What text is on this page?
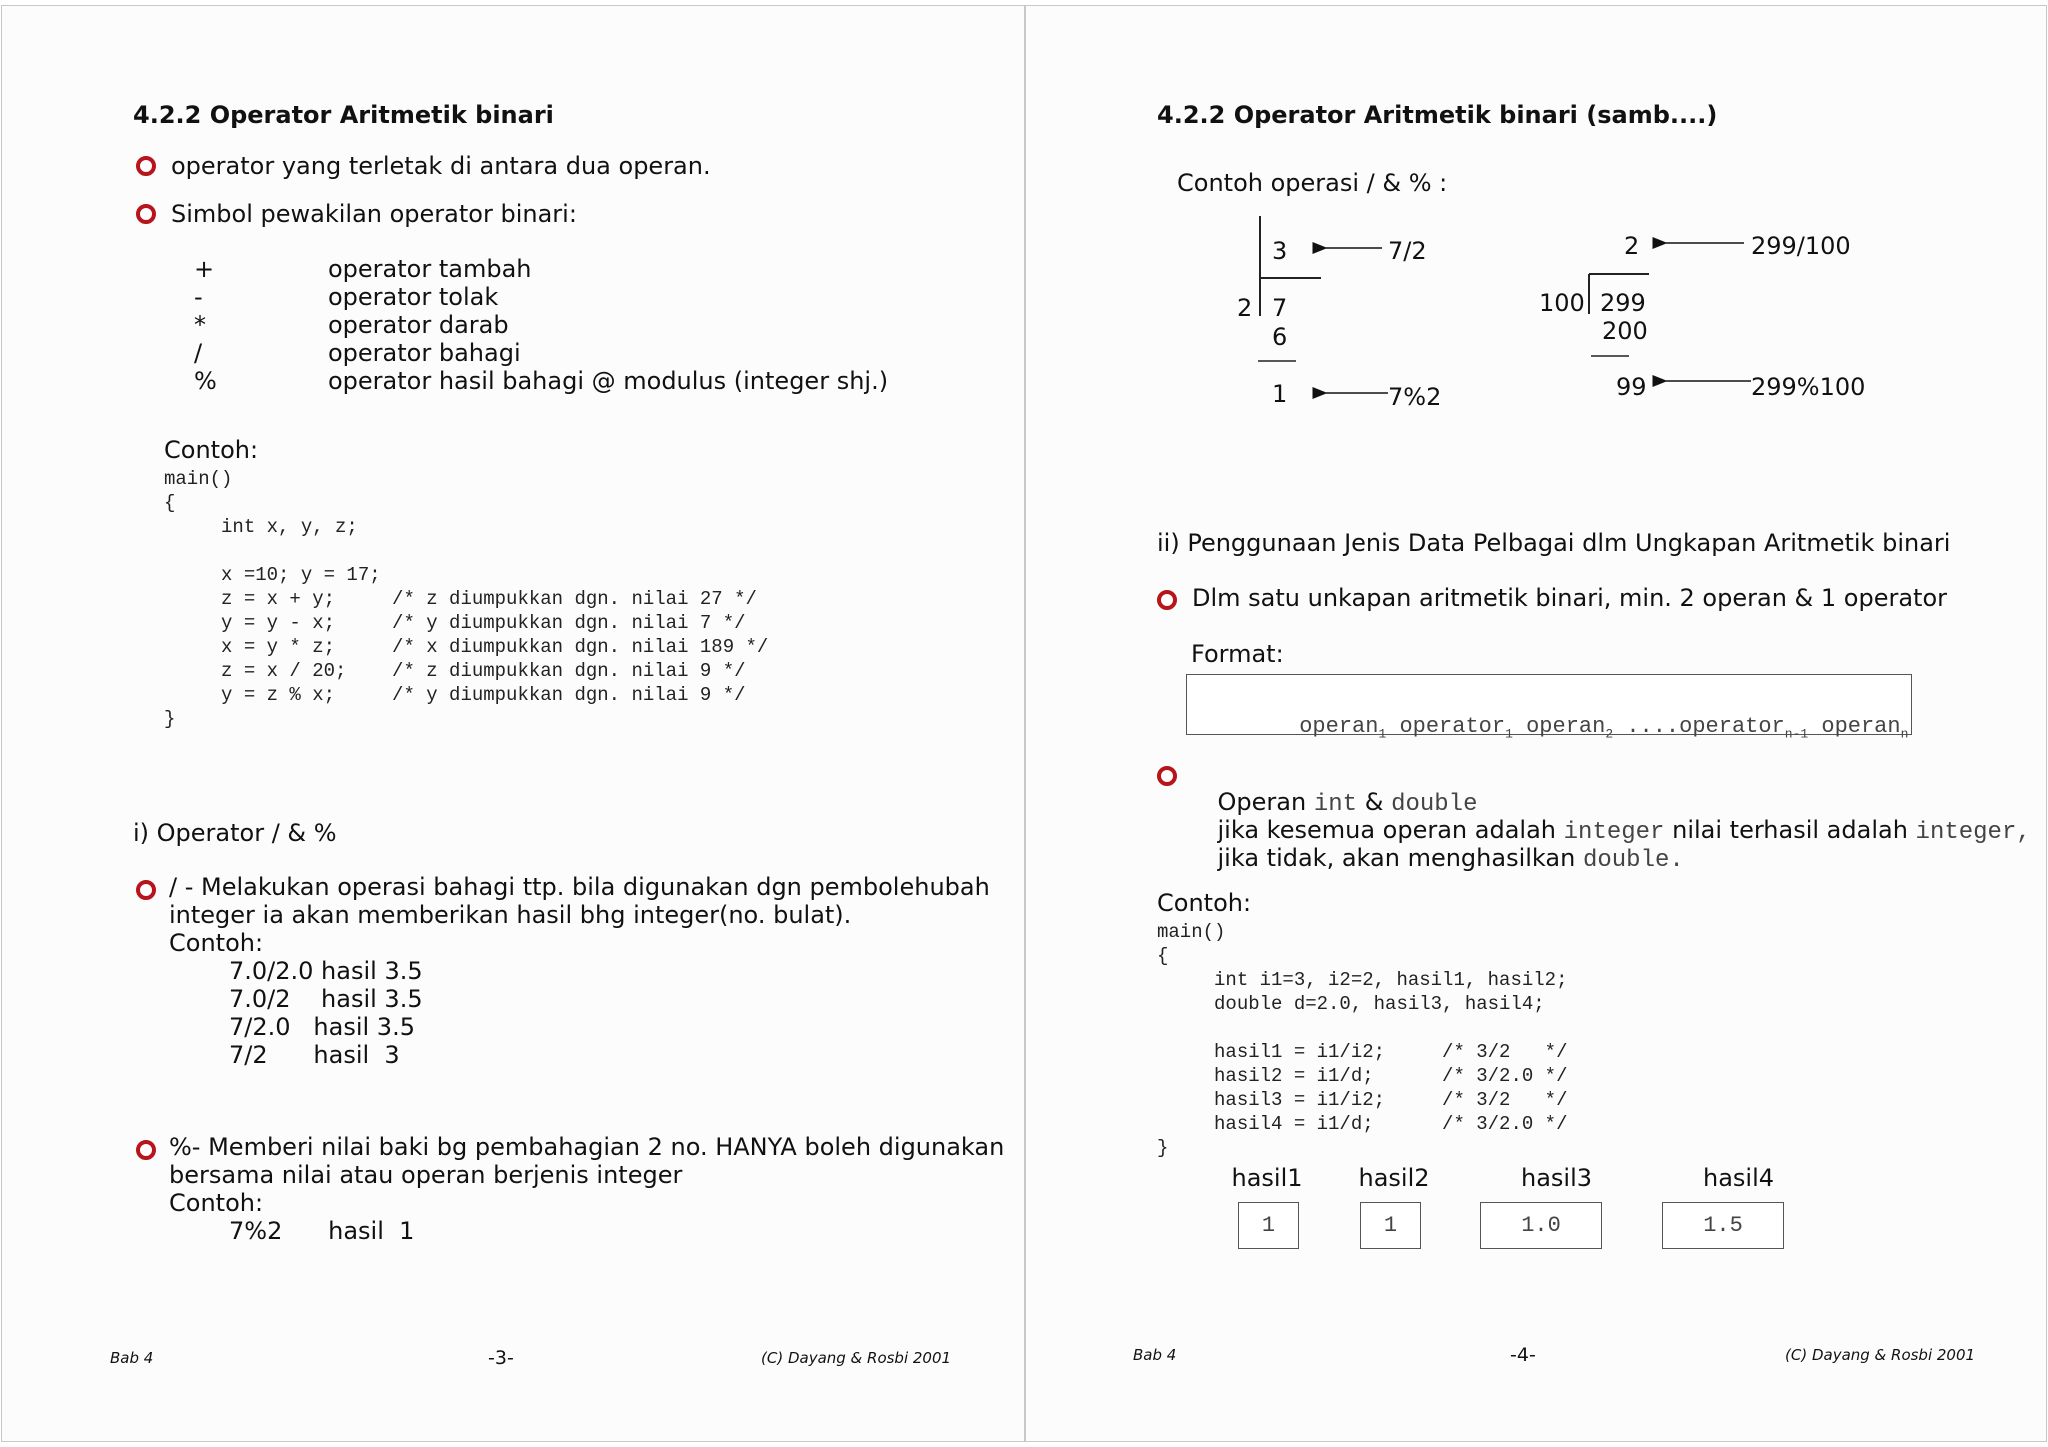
4.2.2 Operator Aritmetik binari
operator yang terletak di antara dua operan.
Simbol pewakilan operator binari:
+	operator tambah
-	operator tolak
*	operator darab
/	operator bahagi
%	operator hasil bahagi @ modulus (integer shj.)
Contoh:
main()
{
int x, y, z;
x =10; y = 17;
z = x + y;     /* z diumpukkan dgn. nilai 27 */
y = y - x;     /* y diumpukkan dgn. nilai 7 */
x = y * z;     /* x diumpukkan dgn. nilai 189 */
z = x / 20;    /* z diumpukkan dgn. nilai 9 */
y = z % x;     /* y diumpukkan dgn. nilai 9 */
}
i) Operator / & %
/ - Melakukan operasi bahagi ttp. bila digunakan dgn pembolehubah
integer ia akan memberikan hasil bhg integer(no. bulat).
Contoh:
7.0/2.0 hasil 3.5
7.0/2    hasil 3.5
7/2.0   hasil 3.5
7/2      hasil  3
%- Memberi nilai baki bg pembahagian 2 no. HANYA boleh digunakan
bersama nilai atau operan berjenis integer
Contoh:
7%2      hasil  1
Bab 4	-3-	(C) Dayang & Rosbi 2001
4.2.2 Operator Aritmetik binari (samb....)
Contoh operasi / & % :
3	7/2
2 7
6
1	7%2
2	299/100
100 299
200
99	299%100
ii) Penggunaan Jenis Data Pelbagai dlm Ungkapan Aritmetik binari
Dlm satu unkapan aritmetik binari, min. 2 operan & 1 operator
Format:

operan$_1$ operator$_1$ operan$_2$ ....operator$_{n-1}$ operan$_n$

Operan int & double

jika kesemua operan adalah integer nilai terhasil adalah integer,

jika tidak, akan menghasilkan double.

Contoh:
main()
{
int i1=3, i2=2, hasil1, hasil2;
double d=2.0, hasil3, hasil4;
hasil1 = i1/i2;     /* 3/2   */
hasil2 = i1/d;      /* 3/2.0 */
hasil3 = i1/i2;     /* 3/2   */
hasil4 = i1/d;      /* 3/2.0 */
}
hasil1
1
hasil2
1
hasil3
1.0
hasil4
1.5
Bab 4	-4-	(C) Dayang & Rosbi 2001
